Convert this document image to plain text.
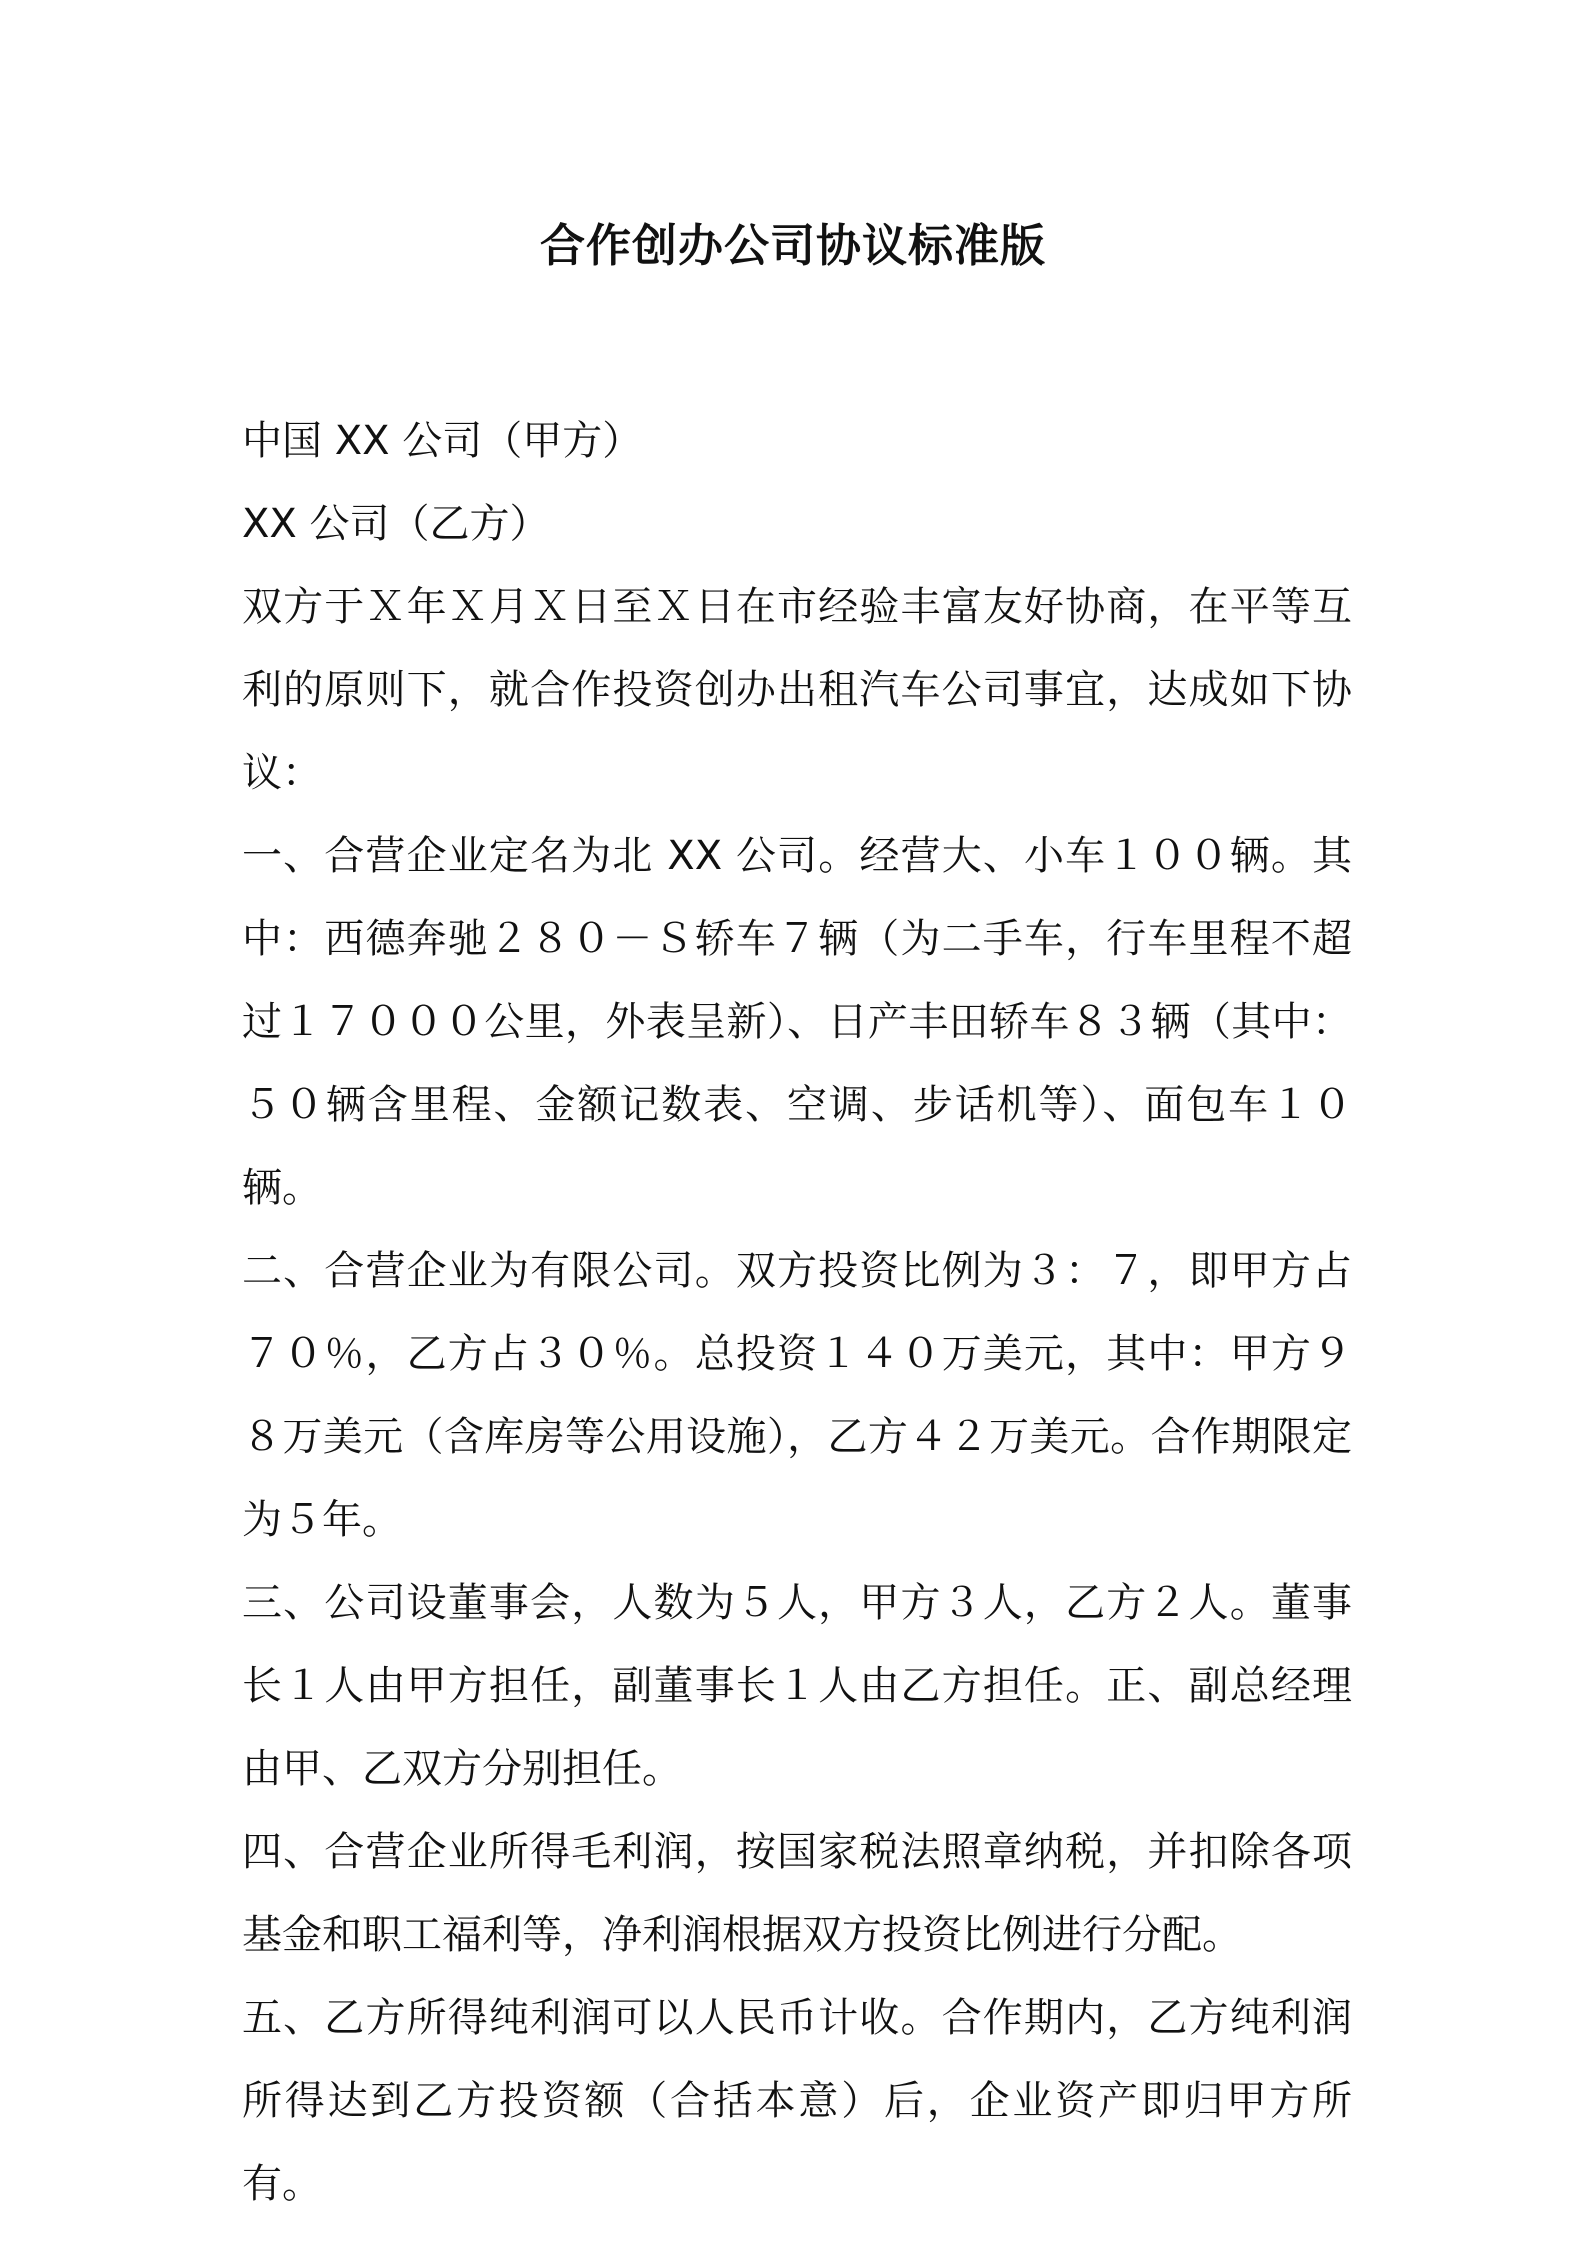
合作创办公司协议标准版

中国 XX 公司（甲方）

XX 公司（乙方）

双方于Ｘ年Ｘ月Ｘ日至Ｘ日在市经验丰富友好协商，在平等互利的原则下，就合作投资创办出租汽车公司事宜，达成如下协议：

一、合营企业定名为北 XX 公司。经营大、小车１００辆。其中：西德奔驰２８０－Ｓ轿车７辆（为二手车，行车里程不超过１７０００公里，外表呈新）、日产丰田轿车８３辆（其中：５０辆含里程、金额记数表、空调、步话机等）、面包车１０辆。

二、合营企业为有限公司。双方投资比例为３：７，即甲方占７０％，乙方占３０％。总投资１４０万美元，其中：甲方９８万美元（含库房等公用设施），乙方４２万美元。合作期限定为５年。

三、公司设董事会，人数为５人，甲方３人，乙方２人。董事长１人由甲方担任，副董事长１人由乙方担任。正、副总经理由甲、乙双方分别担任。

四、合营企业所得毛利润，按国家税法照章纳税，并扣除各项基金和职工福利等，净利润根据双方投资比例进行分配。

五、乙方所得纯利润可以人民币计收。合作期内，乙方纯利润所得达到乙方投资额（合括本意）后，企业资产即归甲方所有。
